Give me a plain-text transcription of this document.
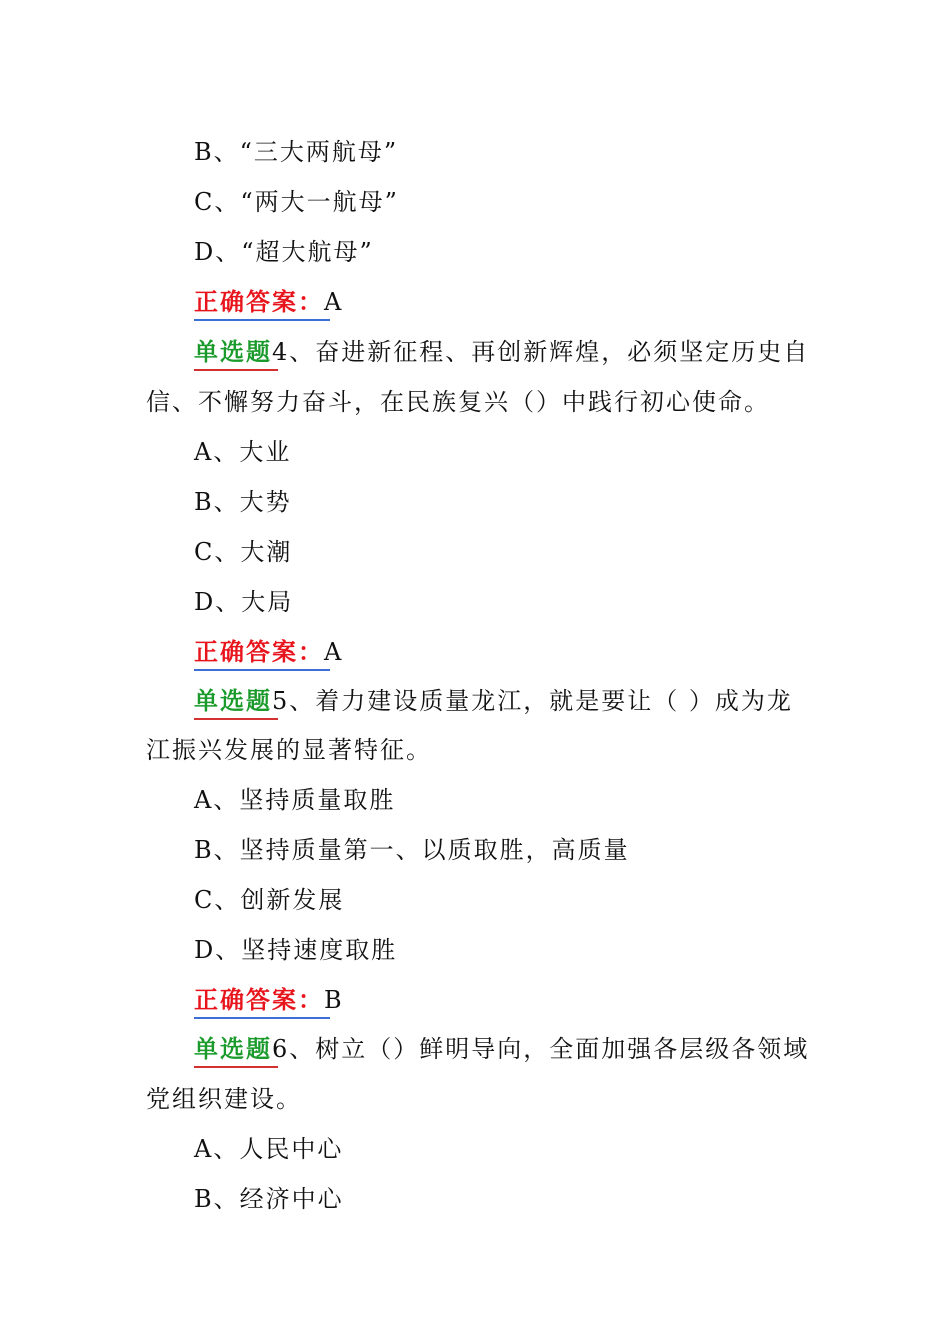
B、“三大两航母”
C、“两大一航母”
D、“超大航母”
正确答案：A
单选题4、奋进新征程、再创新辉煌，必须坚定历史自
信、不懈努力奋斗，在民族复兴（）中践行初心使命。
A、大业
B、大势
C、大潮
D、大局
正确答案：A
单选题5、着力建设质量龙江，就是要让（ ）成为龙
江振兴发展的显著特征。
A、坚持质量取胜
B、坚持质量第一、以质取胜，高质量
C、创新发展
D、坚持速度取胜
正确答案：B
单选题6、树立（）鲜明导向，全面加强各层级各领域
党组织建设。
A、人民中心
B、经济中心
